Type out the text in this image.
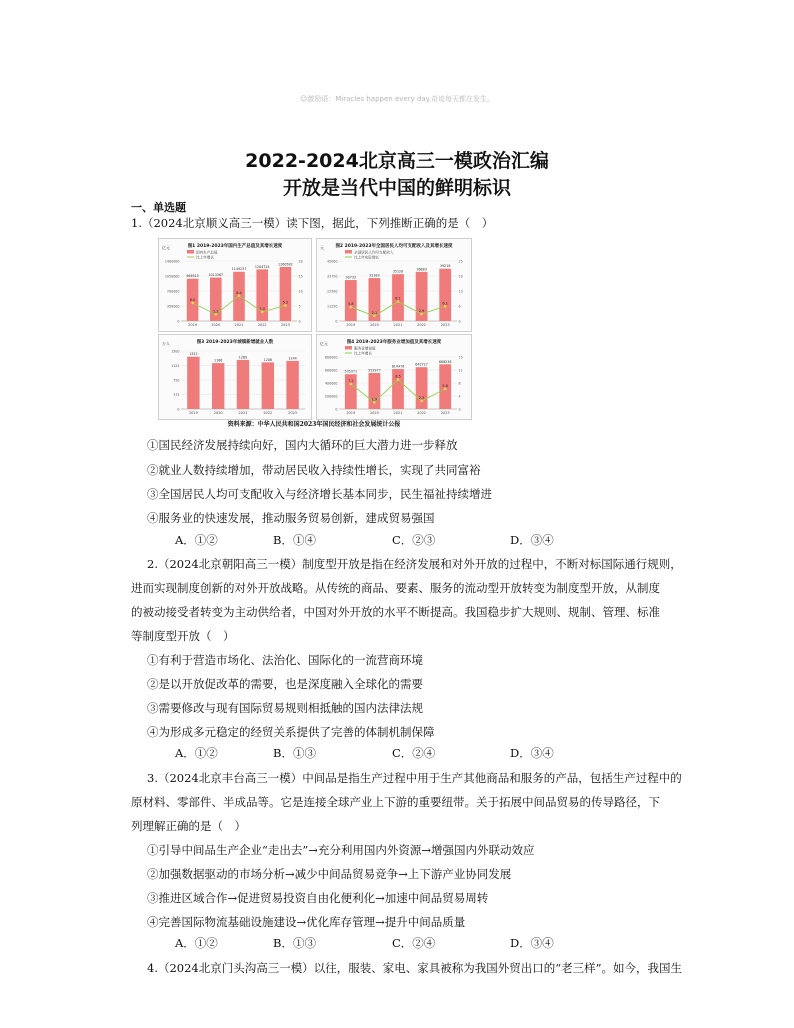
☺激励语：Miracles happen every day.奇迹每天都在发生。
2022-2024北京高三一模政治汇编
开放是当代中国的鲜明标识
一、单选题
1.（2024北京顺义高三一模）读下图，据此，下列推断正确的是（　）
图1 2019-2023年国内生产总值及其增长速度
亿元
国内生产总值
比上年增长
0
350000
700000
1050000
1400000
986515
2019
1013567
2020
1149237
2021
1204724
2022
1260582
2023
0
5
10
15
20
6.0
2.2
8.4
3.0
5.2
图2 2019-2023年全国居民人均可支配收入及其增长速度
元
全国居民人均可支配收入
比上年实际增长
0
11250
22500
33750
45000
30733
2019
32189
2020
35128
2021
36883
2022
39218
2023
0
6
13
19
25
5.8
2.1
8.1
2.9
6.1
图3 2019-2023年城镇新增就业人数
万人
0
375
750
1125
1500
1352
2019
1186
2020
1269
2021
1206
2022
1244
2023
图4 2019-2023年服务业增加值及其增长速度
亿元
服务业增加值
比上年增长
0
200000
400000
600000
800000
535371
2019
553977
2020
614476
2021
642727
2022
688238
2023
0
4
8
11
15
7.2
1.9
8.5
2.3
5.8
资料来源：中华人民共和国2023年国民经济和社会发展统计公报
①国民经济发展持续向好，国内大循环的巨大潜力进一步释放
②就业人数持续增加，带动居民收入持续性增长，实现了共同富裕
③全国居民人均可支配收入与经济增长基本同步，民生福祉持续增进
④服务业的快速发展，推动服务贸易创新，建成贸易强国
A．①②	B．①④	C．②③	D．③④
2.（2024北京朝阳高三一模）制度型开放是指在经济发展和对外开放的过程中，不断对标国际通行规则，
进而实现制度创新的对外开放战略。从传统的商品、要素、服务的流动型开放转变为制度型开放，从制度
的被动接受者转变为主动供给者，中国对外开放的水平不断提高。我国稳步扩大规则、规制、管理、标准
等制度型开放（　）
①有利于营造市场化、法治化、国际化的一流营商环境
②是以开放促改革的需要，也是深度融入全球化的需要
③需要修改与现有国际贸易规则相抵触的国内法律法规
④为形成多元稳定的经贸关系提供了完善的体制机制保障
A．①②	B．①③	C．②④	D．③④
3.（2024北京丰台高三一模）中间品是指生产过程中用于生产其他商品和服务的产品，包括生产过程中的
原材料、零部件、半成品等。它是连接全球产业上下游的重要纽带。关于拓展中间品贸易的传导路径，下
列理解正确的是（　）
①引导中间品生产企业“走出去”→充分利用国内外资源→增强国内外联动效应
②加强数据驱动的市场分析→减少中间品贸易竞争→上下游产业协同发展
③推进区域合作→促进贸易投资自由化便利化→加速中间品贸易周转
④完善国际物流基础设施建设→优化库存管理→提升中间品质量
A．①②	B．①③	C．②④	D．③④
4.（2024北京门头沟高三一模）以往，服装、家电、家具被称为我国外贸出口的“老三样”。如今，我国生
